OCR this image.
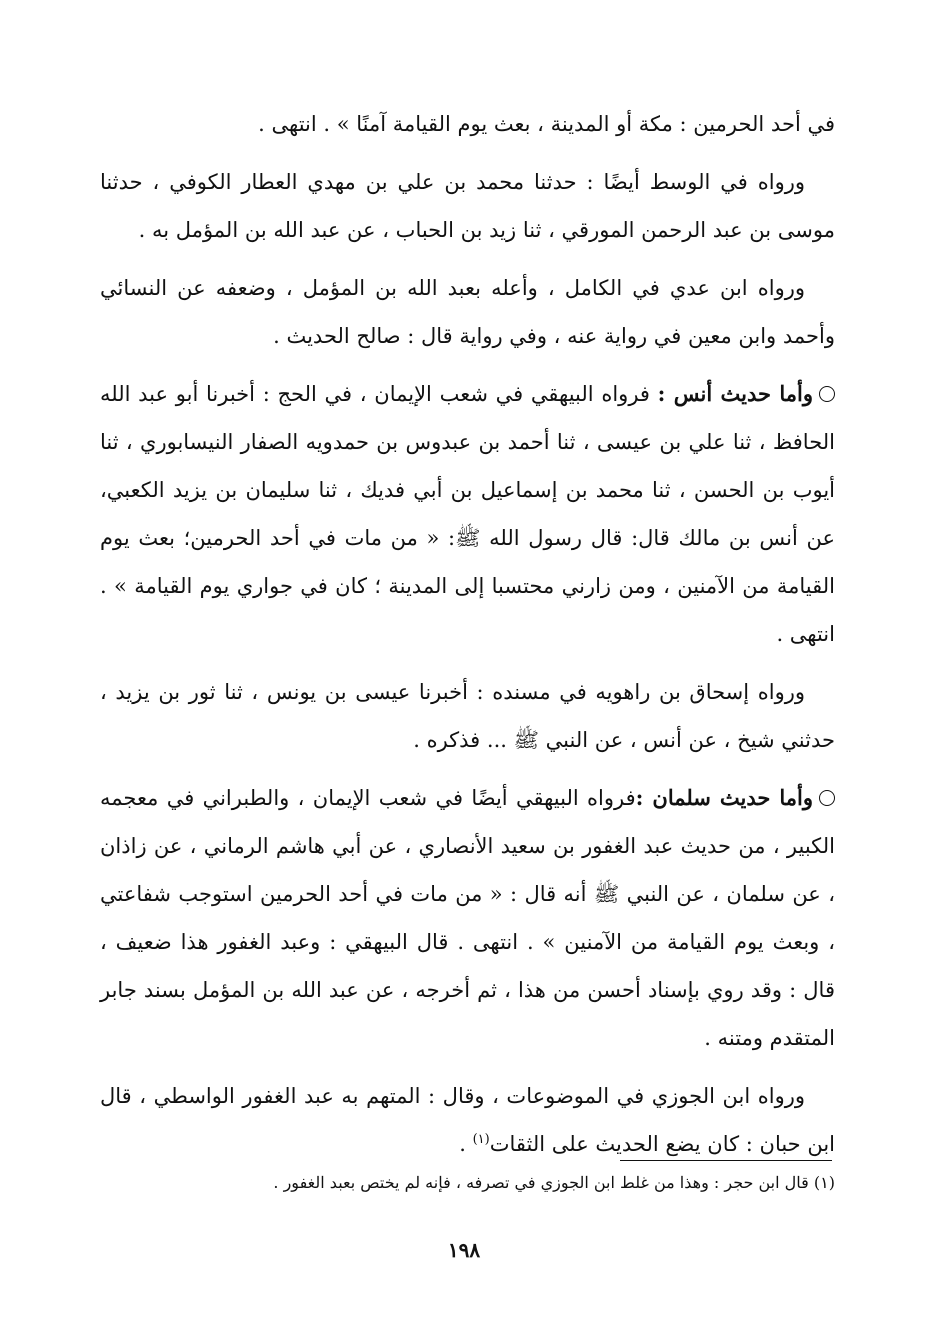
في أحد الحرمين : مكة أو المدينة ، بعث يوم القيامة آمنًا » . انتهى .

ورواه في الوسط أيضًا : حدثنا محمد بن علي بن مهدي العطار الكوفي ، حدثنا موسى بن عبد الرحمن المورقي ، ثنا زيد بن الحباب ، عن عبد الله بن المؤمل به .

ورواه ابن عدي في الكامل ، وأعله بعبد الله بن المؤمل ، وضعفه عن النسائي وأحمد وابن معين في رواية عنه ، وفي رواية قال : صالح الحديث .

وأما حديث أنس : فرواه البيهقي في شعب الإيمان ، في الحج : أخبرنا أبو عبد الله الحافظ ، ثنا علي بن عيسى ، ثنا أحمد بن عبدوس بن حمدويه الصفار النيسابوري ، ثنا أيوب بن الحسن ، ثنا محمد بن إسماعيل بن أبي فديك ، ثنا سليمان بن يزيد الكعبي، عن أنس بن مالك قال: قال رسول الله ﷺ: « من مات في أحد الحرمين؛ بعث يوم القيامة من الآمنين ، ومن زارني محتسبا إلى المدينة ؛ كان في جواري يوم القيامة » . انتهى .

ورواه إسحاق بن راهويه في مسنده : أخبرنا عيسى بن يونس ، ثنا ثور بن يزيد ، حدثني شيخ ، عن أنس ، عن النبي ﷺ ... فذكره .

وأما حديث سلمان :فرواه البيهقي أيضًا في شعب الإيمان ، والطبراني في معجمه الكبير ، من حديث عبد الغفور بن سعيد الأنصاري ، عن أبي هاشم الرماني ، عن زاذان ، عن سلمان ، عن النبي ﷺ أنه قال : « من مات في أحد الحرمين استوجب شفاعتي ، وبعث يوم القيامة من الآمنين » . انتهى . قال البيهقي : وعبد الغفور هذا ضعيف ، قال : وقد روي بإسناد أحسن من هذا ، ثم أخرجه ، عن عبد الله بن المؤمل بسند جابر المتقدم ومتنه .

ورواه ابن الجوزي في الموضوعات ، وقال : المتهم به عبد الغفور الواسطي ، قال ابن حبان : كان يضع الحديث على الثقات$^{(١)}$ .

(١) قال ابن حجر : وهذا من غلط ابن الجوزي في تصرفه ، فإنه لم يختص بعبد الغفور .
١٩٨
